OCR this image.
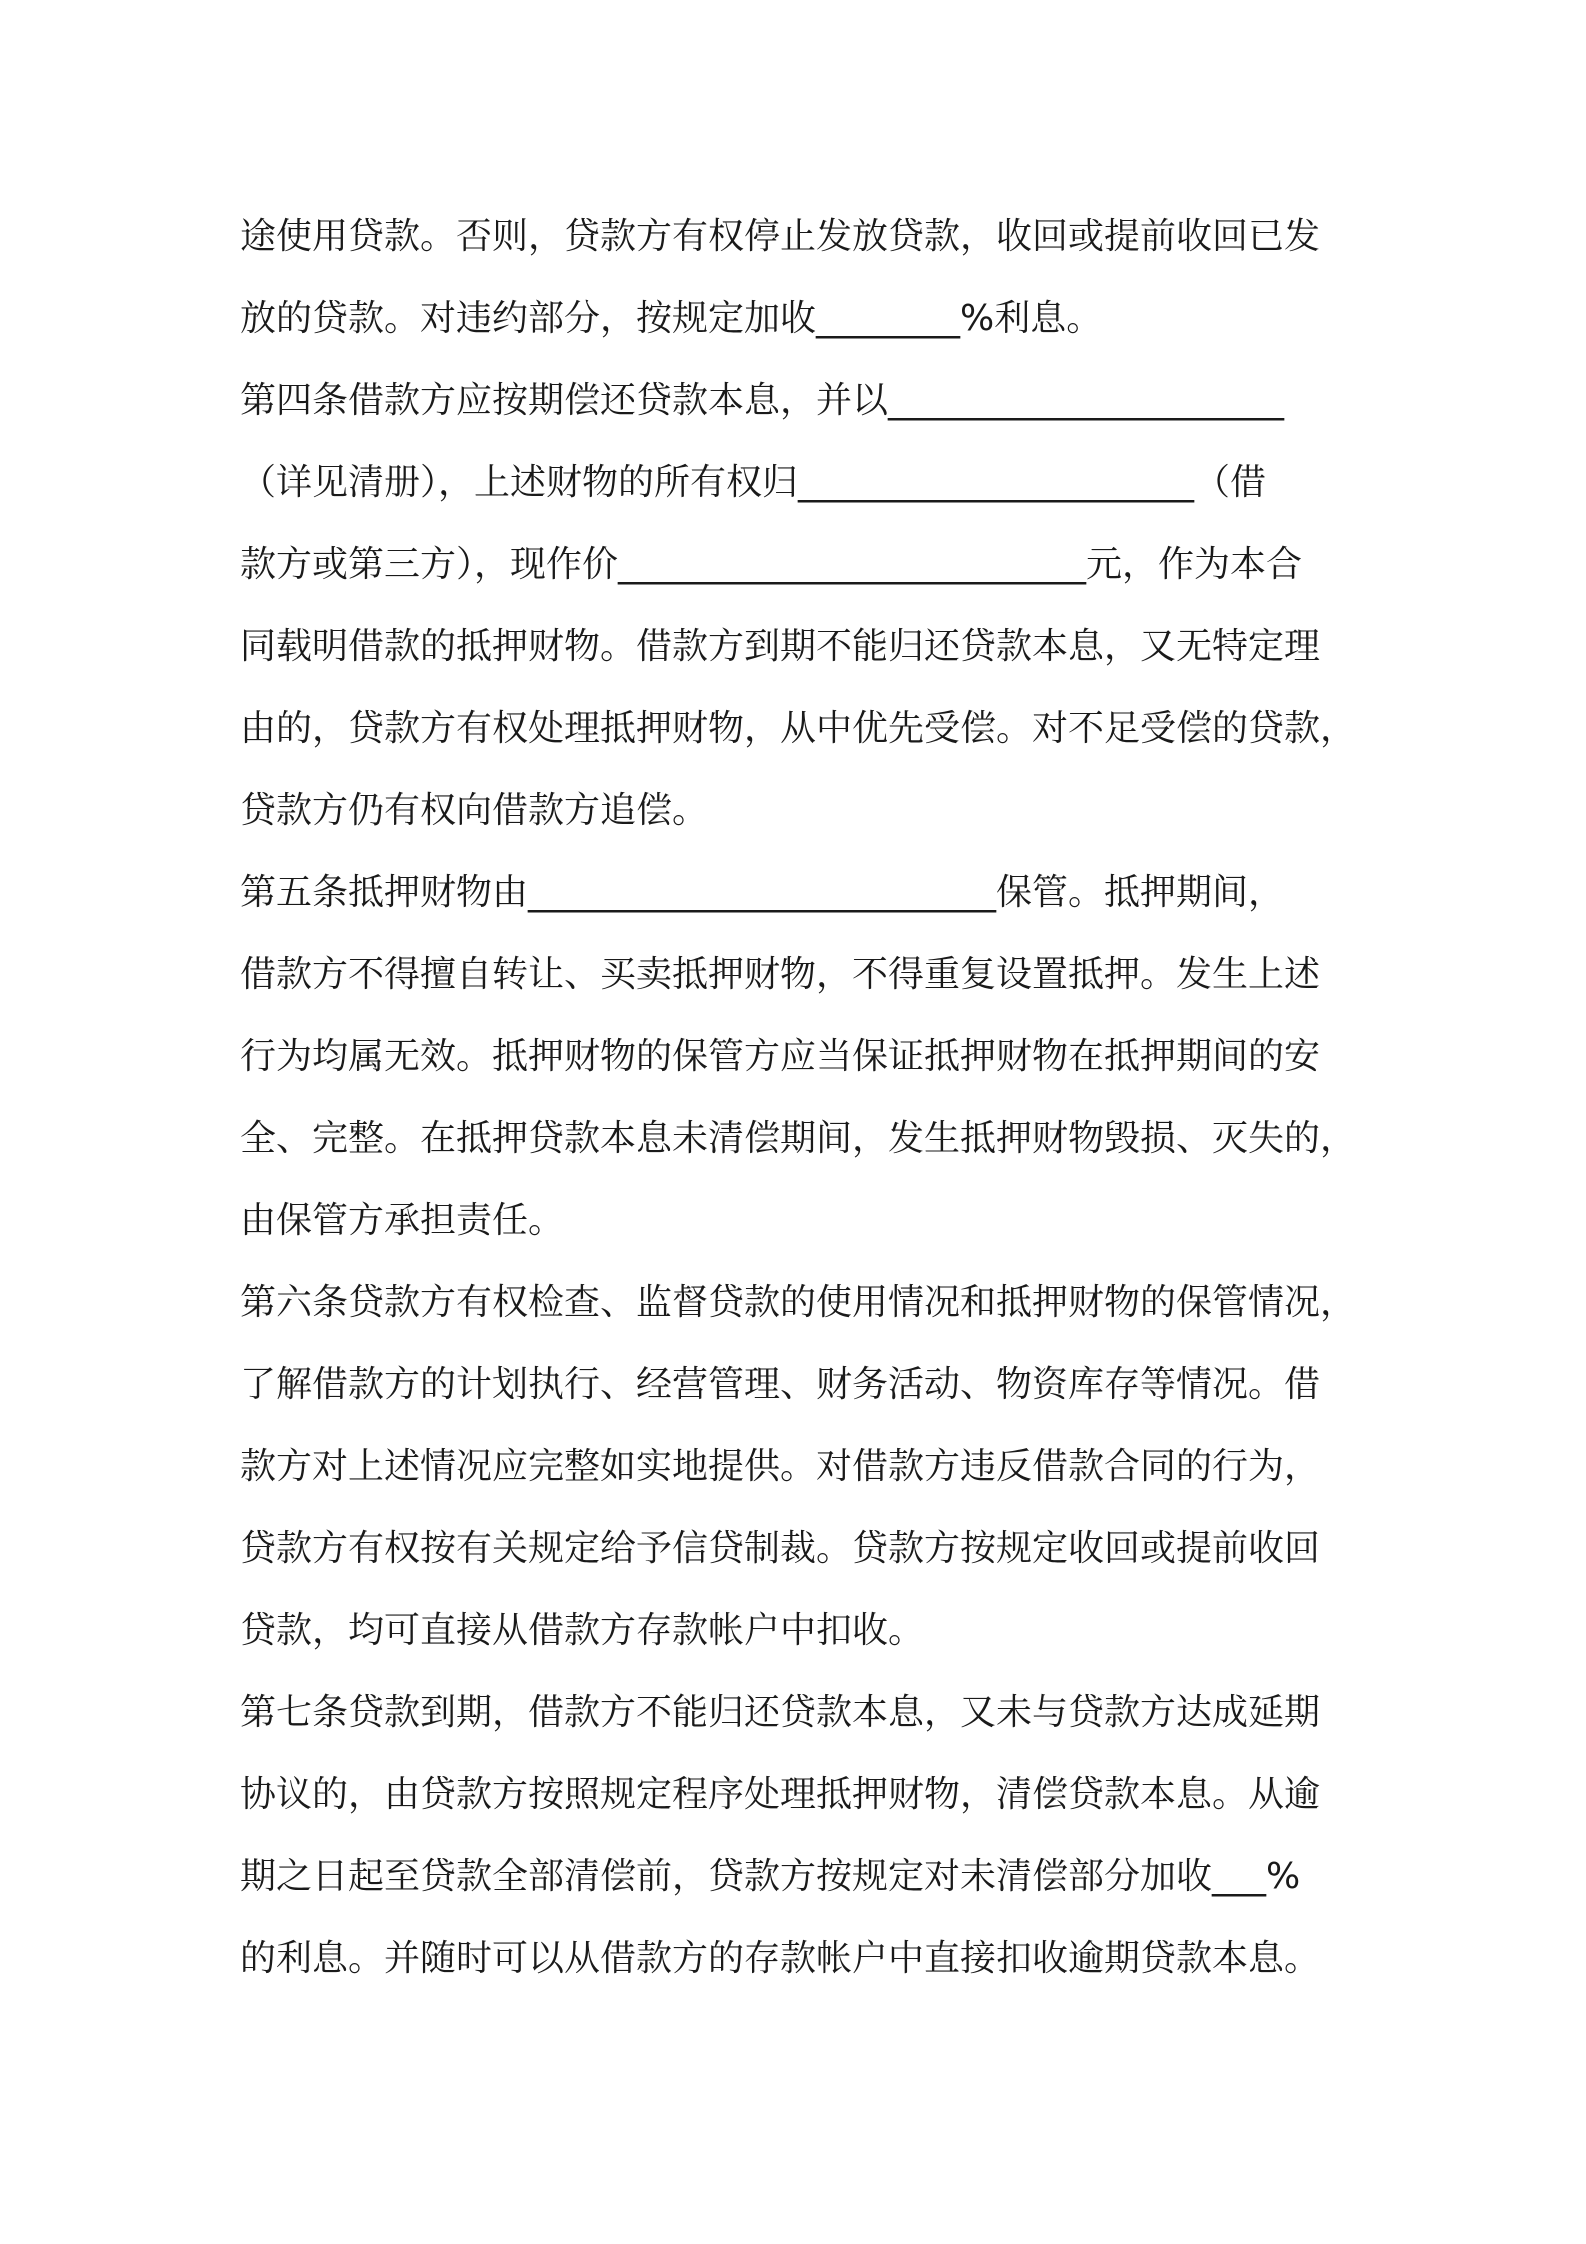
途使用贷款。否则，贷款方有权停止发放贷款，收回或提前收回已发
放的贷款。对违约部分，按规定加收________%利息。
第四条借款方应按期偿还贷款本息，并以______________________
（详见清册），上述财物的所有权归______________________（借
款方或第三方），现作价__________________________元，作为本合
同载明借款的抵押财物。借款方到期不能归还贷款本息，又无特定理
由的，贷款方有权处理抵押财物，从中优先受偿。对不足受偿的贷款，
贷款方仍有权向借款方追偿。
第五条抵押财物由__________________________保管。抵押期间，
借款方不得擅自转让、买卖抵押财物，不得重复设置抵押。发生上述
行为均属无效。抵押财物的保管方应当保证抵押财物在抵押期间的安
全、完整。在抵押贷款本息未清偿期间，发生抵押财物毁损、灭失的，
由保管方承担责任。
第六条贷款方有权检查、监督贷款的使用情况和抵押财物的保管情况，
了解借款方的计划执行、经营管理、财务活动、物资库存等情况。借
款方对上述情况应完整如实地提供。对借款方违反借款合同的行为，
贷款方有权按有关规定给予信贷制裁。贷款方按规定收回或提前收回
贷款，均可直接从借款方存款帐户中扣收。
第七条贷款到期，借款方不能归还贷款本息，又未与贷款方达成延期
协议的，由贷款方按照规定程序处理抵押财物，清偿贷款本息。从逾
期之日起至贷款全部清偿前，贷款方按规定对未清偿部分加收___%
的利息。并随时可以从借款方的存款帐户中直接扣收逾期贷款本息。
